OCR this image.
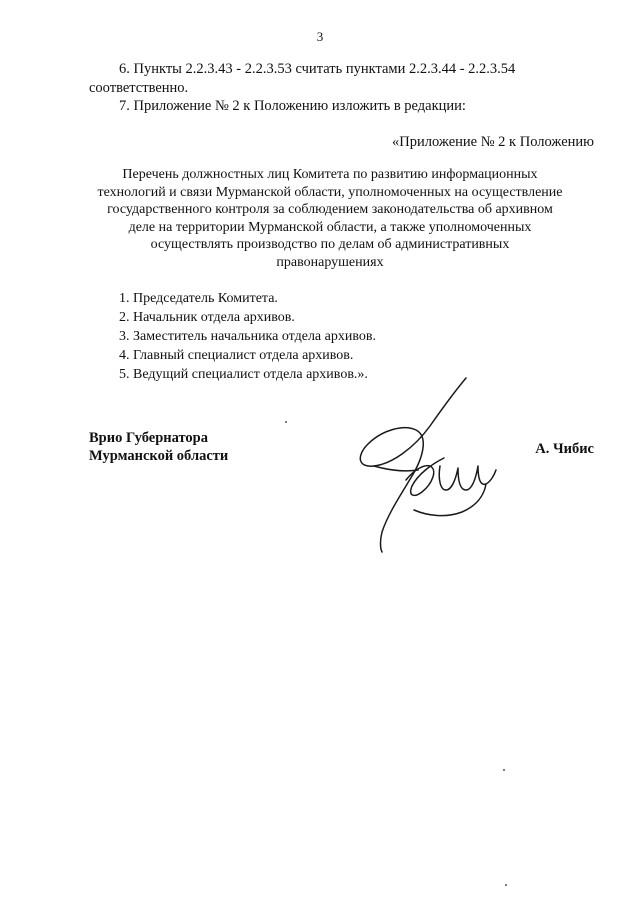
3
6. Пункты 2.2.3.43 - 2.2.3.53 считать пунктами 2.2.3.44 - 2.2.3.54
соответственно.
7. Приложение № 2 к Положению изложить в редакции:
«Приложение № 2 к Положению
Перечень должностных лиц Комитета по развитию информационных
технологий и связи Мурманской области, уполномоченных на осуществление
государственного контроля за соблюдением законодательства об архивном
деле на территории Мурманской области, а также уполномоченных
осуществлять производство по делам об административных
правонарушениях
1. Председатель Комитета.
2. Начальник отдела архивов.
3. Заместитель начальника отдела архивов.
4. Главный специалист отдела архивов.
5. Ведущий специалист отдела архивов.».
Врио Губернатора
Мурманской области	А. Чибис
